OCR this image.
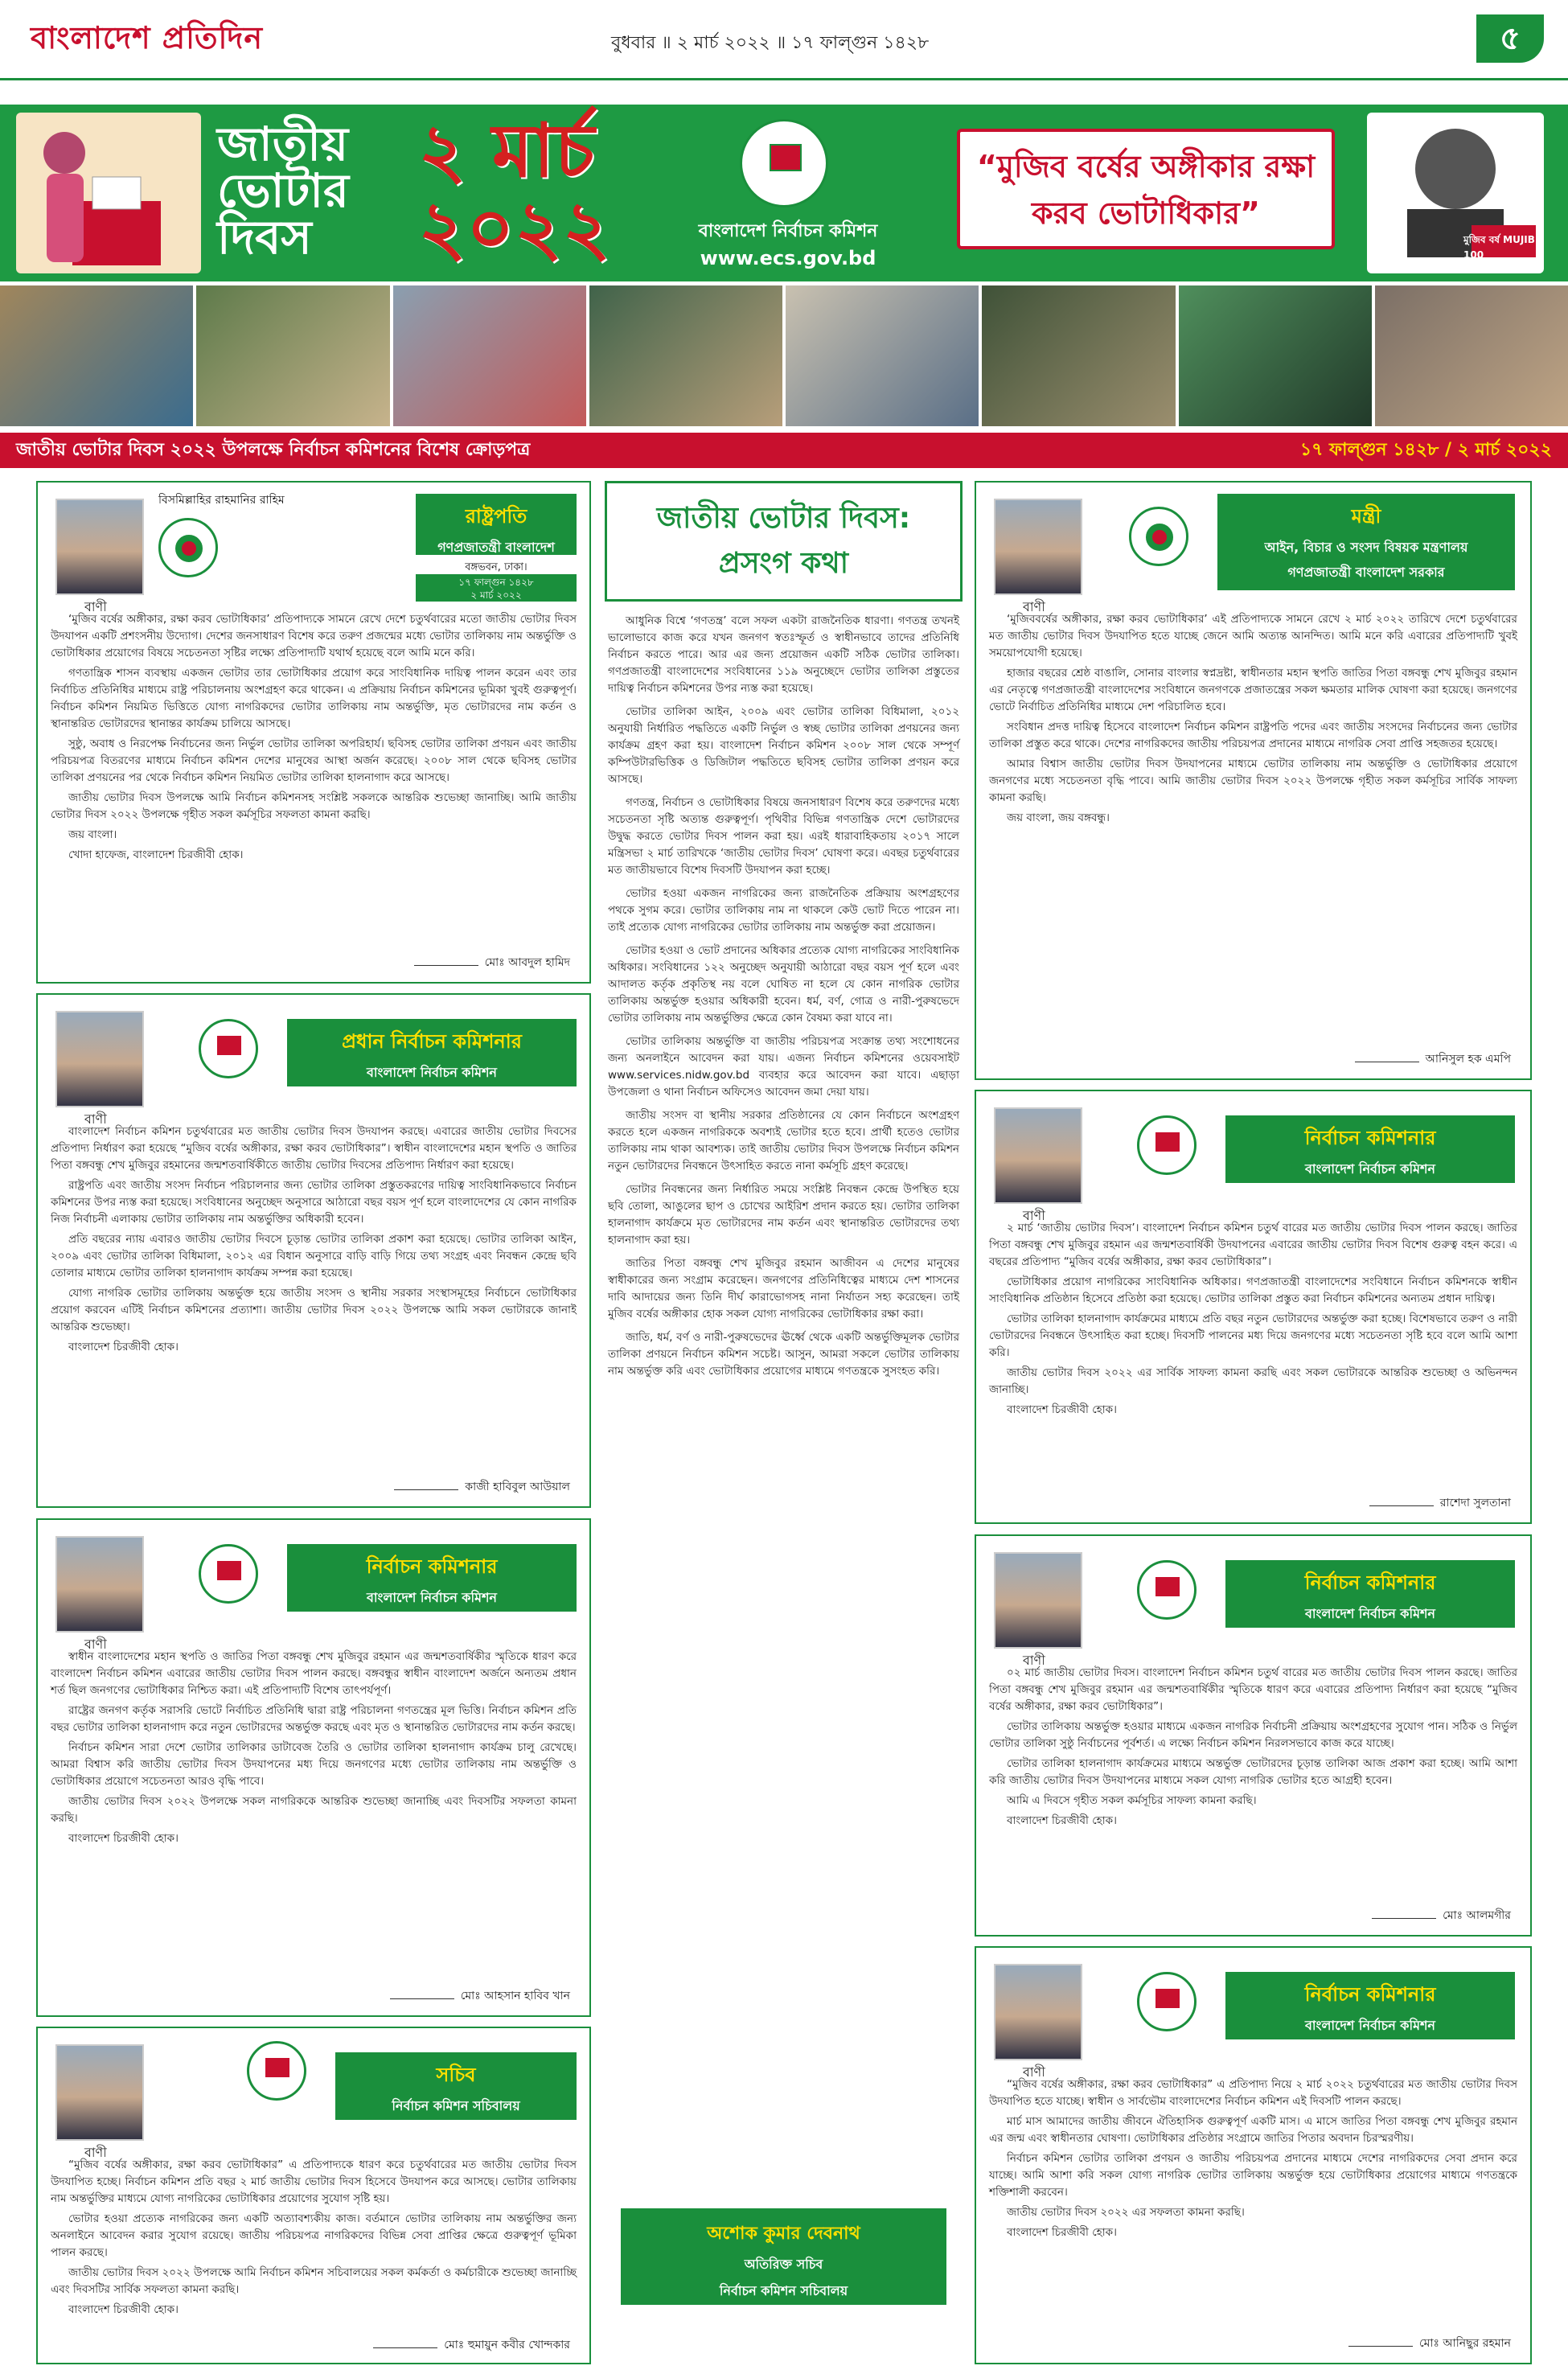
বাংলাদেশ প্রতিদিন	বুধবার ॥ ২ মার্চ ২০২২ ॥ ১৭ ফাল্গুন ১৪২৮	৫
জাতীয়
ভোটার
দিবস
২ মার্চ
২০২২	বাংলাদেশ নির্বাচন কমিশন
www.ecs.gov.bd
“মুজিব বর্ষের অঙ্গীকার রক্ষা করব ভোটাধিকার”
মুজিব বর্ষ MUJIB 100
জাতীয় ভোটার দিবস ২০২২ উপলক্ষে নির্বাচন কমিশনের বিশেষ ক্রোড়পত্র	১৭ ফাল্গুন ১৪২৮ / ২ মার্চ ২০২২
বাণী
বিসমিল্লাহির রাহমানির রাহিম
রাষ্ট্রপতি
গণপ্রজাতন্ত্রী বাংলাদেশ
বঙ্গভবন, ঢাকা।
১৭ ফাল্গুন ১৪২৮
২ মার্চ ২০২২

‘মুজিব বর্ষের অঙ্গীকার, রক্ষা করব ভোটাধিকার’ প্রতিপাদ্যকে সামনে রেখে দেশে চতুর্থবারের মতো জাতীয় ভোটার দিবস উদযাপন একটি প্রশংসনীয় উদ্যোগ। দেশের জনসাধারণ বিশেষ করে তরুণ প্রজন্মের মধ্যে ভোটার তালিকায় নাম অন্তর্ভুক্তি ও ভোটাধিকার প্রয়োগের বিষয়ে সচেতনতা সৃষ্টির লক্ষ্যে প্রতিপাদ্যটি যথার্থ হয়েছে বলে আমি মনে করি।

গণতান্ত্রিক শাসন ব্যবস্থায় একজন ভোটার তার ভোটাধিকার প্রয়োগ করে সাংবিধানিক দায়িত্ব পালন করেন এবং তার নির্বাচিত প্রতিনিধির মাধ্যমে রাষ্ট্র পরিচালনায় অংশগ্রহণ করে থাকেন। এ প্রক্রিয়ায় নির্বাচন কমিশনের ভূমিকা খুবই গুরুত্বপূর্ণ। নির্বাচন কমিশন নিয়মিত ভিত্তিতে যোগ্য নাগরিকদের ভোটার তালিকায় নাম অন্তর্ভুক্তি, মৃত ভোটারদের নাম কর্তন ও স্থানান্তরিত ভোটারদের স্থানান্তর কার্যক্রম চালিয়ে আসছে।

সুষ্ঠু, অবাধ ও নিরপেক্ষ নির্বাচনের জন্য নির্ভুল ভোটার তালিকা অপরিহার্য। ছবিসহ ভোটার তালিকা প্রণয়ন এবং জাতীয় পরিচয়পত্র বিতরণের মাধ্যমে নির্বাচন কমিশন দেশের মানুষের আস্থা অর্জন করেছে। ২০০৮ সাল থেকে ছবিসহ ভোটার তালিকা প্রণয়নের পর থেকে নির্বাচন কমিশন নিয়মিত ভোটার তালিকা হালনাগাদ করে আসছে।

জাতীয় ভোটার দিবস উপলক্ষে আমি নির্বাচন কমিশনসহ সংশ্লিষ্ট সকলকে আন্তরিক শুভেচ্ছা জানাচ্ছি। আমি জাতীয় ভোটার দিবস ২০২২ উপলক্ষে গৃহীত সকল কর্মসূচির সফলতা কামনা করছি।

জয় বাংলা।

খোদা হাফেজ, বাংলাদেশ চিরজীবী হোক।

মোঃ আবদুল হামিদ
বাণী
প্রধান নির্বাচন কমিশনার
বাংলাদেশ নির্বাচন কমিশন

বাংলাদেশ নির্বাচন কমিশন চতুর্থবারের মত জাতীয় ভোটার দিবস উদযাপন করছে। এবারের জাতীয় ভোটার দিবসের প্রতিপাদ্য নির্ধারণ করা হয়েছে “মুজিব বর্ষের অঙ্গীকার, রক্ষা করব ভোটাধিকার”। স্বাধীন বাংলাদেশের মহান স্থপতি ও জাতির পিতা বঙ্গবন্ধু শেখ মুজিবুর রহমানের জন্মশতবার্ষিকীতে জাতীয় ভোটার দিবসের প্রতিপাদ্য নির্ধারণ করা হয়েছে।

রাষ্ট্রপতি এবং জাতীয় সংসদ নির্বাচন পরিচালনার জন্য ভোটার তালিকা প্রস্তুতকরণের দায়িত্ব সাংবিধানিকভাবে নির্বাচন কমিশনের উপর ন্যস্ত করা হয়েছে। সংবিধানের অনুচ্ছেদ অনুসারে আঠারো বছর বয়স পূর্ণ হলে বাংলাদেশের যে কোন নাগরিক নিজ নির্বাচনী এলাকায় ভোটার তালিকায় নাম অন্তর্ভুক্তির অধিকারী হবেন।

প্রতি বছরের ন্যায় এবারও জাতীয় ভোটার দিবসে চূড়ান্ত ভোটার তালিকা প্রকাশ করা হয়েছে। ভোটার তালিকা আইন, ২০০৯ এবং ভোটার তালিকা বিধিমালা, ২০১২ এর বিধান অনুসারে বাড়ি বাড়ি গিয়ে তথ্য সংগ্রহ এবং নিবন্ধন কেন্দ্রে ছবি তোলার মাধ্যমে ভোটার তালিকা হালনাগাদ কার্যক্রম সম্পন্ন করা হয়েছে।

যোগ্য নাগরিক ভোটার তালিকায় অন্তর্ভুক্ত হয়ে জাতীয় সংসদ ও স্থানীয় সরকার সংস্থাসমূহের নির্বাচনে ভোটাধিকার প্রয়োগ করবেন এটিই নির্বাচন কমিশনের প্রত্যাশা। জাতীয় ভোটার দিবস ২০২২ উপলক্ষে আমি সকল ভোটারকে জানাই আন্তরিক শুভেচ্ছা।

বাংলাদেশ চিরজীবী হোক।

কাজী হাবিবুল আউয়াল
বাণী
নির্বাচন কমিশনার
বাংলাদেশ নির্বাচন কমিশন

স্বাধীন বাংলাদেশের মহান স্থপতি ও জাতির পিতা বঙ্গবন্ধু শেখ মুজিবুর রহমান এর জন্মশতবার্ষিকীর স্মৃতিকে ধারণ করে বাংলাদেশ নির্বাচন কমিশন এবারের জাতীয় ভোটার দিবস পালন করছে। বঙ্গবন্ধুর স্বাধীন বাংলাদেশ অর্জনে অন্যতম প্রধান শর্ত ছিল জনগণের ভোটাধিকার নিশ্চিত করা। এই প্রতিপাদ্যটি বিশেষ তাৎপর্যপূর্ণ।

রাষ্ট্রের জনগণ কর্তৃক সরাসরি ভোটে নির্বাচিত প্রতিনিধি দ্বারা রাষ্ট্র পরিচালনা গণতন্ত্রের মূল ভিত্তি। নির্বাচন কমিশন প্রতি বছর ভোটার তালিকা হালনাগাদ করে নতুন ভোটারদের অন্তর্ভুক্ত করছে এবং মৃত ও স্থানান্তরিত ভোটারদের নাম কর্তন করছে।

নির্বাচন কমিশন সারা দেশে ভোটার তালিকার ডাটাবেজ তৈরি ও ভোটার তালিকা হালনাগাদ কার্যক্রম চালু রেখেছে। আমরা বিশ্বাস করি জাতীয় ভোটার দিবস উদযাপনের মধ্য দিয়ে জনগণের মধ্যে ভোটার তালিকায় নাম অন্তর্ভুক্তি ও ভোটাধিকার প্রয়োগে সচেতনতা আরও বৃদ্ধি পাবে।

জাতীয় ভোটার দিবস ২০২২ উপলক্ষে সকল নাগরিককে আন্তরিক শুভেচ্ছা জানাচ্ছি এবং দিবসটির সফলতা কামনা করছি।

বাংলাদেশ চিরজীবী হোক।

মোঃ আহসান হাবিব খান
বাণী
সচিব
নির্বাচন কমিশন সচিবালয়

“মুজিব বর্ষের অঙ্গীকার, রক্ষা করব ভোটাধিকার” এ প্রতিপাদ্যকে ধারণ করে চতুর্থবারের মত জাতীয় ভোটার দিবস উদযাপিত হচ্ছে। নির্বাচন কমিশন প্রতি বছর ২ মার্চ জাতীয় ভোটার দিবস হিসেবে উদযাপন করে আসছে। ভোটার তালিকায় নাম অন্তর্ভুক্তির মাধ্যমে যোগ্য নাগরিকের ভোটাধিকার প্রয়োগের সুযোগ সৃষ্টি হয়।

ভোটার হওয়া প্রত্যেক নাগরিকের জন্য একটি অত্যাবশ্যকীয় কাজ। বর্তমানে ভোটার তালিকায় নাম অন্তর্ভুক্তির জন্য অনলাইনে আবেদন করার সুযোগ রয়েছে। জাতীয় পরিচয়পত্র নাগরিকদের বিভিন্ন সেবা প্রাপ্তির ক্ষেত্রে গুরুত্বপূর্ণ ভূমিকা পালন করছে।

জাতীয় ভোটার দিবস ২০২২ উপলক্ষে আমি নির্বাচন কমিশন সচিবালয়ের সকল কর্মকর্তা ও কর্মচারীকে শুভেচ্ছা জানাচ্ছি এবং দিবসটির সার্বিক সফলতা কামনা করছি।

বাংলাদেশ চিরজীবী হোক।

মোঃ হুমায়ুন কবীর খোন্দকার
জাতীয় ভোটার দিবস:
প্রসংগ কথা

আধুনিক বিশ্বে ‘গণতন্ত্র’ বলে সফল একটা রাজনৈতিক ধারণা। গণতন্ত্র তখনই ভালোভাবে কাজ করে যখন জনগণ স্বতঃস্ফূর্ত ও স্বাধীনভাবে তাদের প্রতিনিধি নির্বাচন করতে পারে। আর এর জন্য প্রয়োজন একটি সঠিক ভোটার তালিকা। গণপ্রজাতন্ত্রী বাংলাদেশের সংবিধানের ১১৯ অনুচ্ছেদে ভোটার তালিকা প্রস্তুতের দায়িত্ব নির্বাচন কমিশনের উপর ন্যস্ত করা হয়েছে।

ভোটার তালিকা আইন, ২০০৯ এবং ভোটার তালিকা বিধিমালা, ২০১২ অনুযায়ী নির্ধারিত পদ্ধতিতে একটি নির্ভুল ও স্বচ্ছ ভোটার তালিকা প্রণয়নের জন্য কার্যক্রম গ্রহণ করা হয়। বাংলাদেশ নির্বাচন কমিশন ২০০৮ সাল থেকে সম্পূর্ণ কম্পিউটারভিত্তিক ও ডিজিটাল পদ্ধতিতে ছবিসহ ভোটার তালিকা প্রণয়ন করে আসছে।

গণতন্ত্র, নির্বাচন ও ভোটাধিকার বিষয়ে জনসাধারণ বিশেষ করে তরুণদের মধ্যে সচেতনতা সৃষ্টি অত্যন্ত গুরুত্বপূর্ণ। পৃথিবীর বিভিন্ন গণতান্ত্রিক দেশে ভোটারদের উদ্বুদ্ধ করতে ভোটার দিবস পালন করা হয়। এরই ধারাবাহিকতায় ২০১৭ সালে মন্ত্রিসভা ২ মার্চ তারিখকে ‘জাতীয় ভোটার দিবস’ ঘোষণা করে। এবছর চতুর্থবারের মত জাতীয়ভাবে বিশেষ দিবসটি উদযাপন করা হচ্ছে।

ভোটার হওয়া একজন নাগরিকের জন্য রাজনৈতিক প্রক্রিয়ায় অংশগ্রহণের পথকে সুগম করে। ভোটার তালিকায় নাম না থাকলে কেউ ভোট দিতে পারেন না। তাই প্রত্যেক যোগ্য নাগরিকের ভোটার তালিকায় নাম অন্তর্ভুক্ত করা প্রয়োজন।

ভোটার হওয়া ও ভোট প্রদানের অধিকার প্রত্যেক যোগ্য নাগরিকের সাংবিধানিক অধিকার। সংবিধানের ১২২ অনুচ্ছেদ অনুযায়ী আঠারো বছর বয়স পূর্ণ হলে এবং আদালত কর্তৃক প্রকৃতিস্থ নয় বলে ঘোষিত না হলে যে কোন নাগরিক ভোটার তালিকায় অন্তর্ভুক্ত হওয়ার অধিকারী হবেন। ধর্ম, বর্ণ, গোত্র ও নারী-পুরুষভেদে ভোটার তালিকায় নাম অন্তর্ভুক্তির ক্ষেত্রে কোন বৈষম্য করা যাবে না।

ভোটার তালিকায় অন্তর্ভুক্তি বা জাতীয় পরিচয়পত্র সংক্রান্ত তথ্য সংশোধনের জন্য অনলাইনে আবেদন করা যায়। এজন্য নির্বাচন কমিশনের ওয়েবসাইট www.services.nidw.gov.bd ব্যবহার করে আবেদন করা যাবে। এছাড়া উপজেলা ও থানা নির্বাচন অফিসেও আবেদন জমা দেয়া যায়।

জাতীয় সংসদ বা স্থানীয় সরকার প্রতিষ্ঠানের যে কোন নির্বাচনে অংশগ্রহণ করতে হলে একজন নাগরিককে অবশ্যই ভোটার হতে হবে। প্রার্থী হতেও ভোটার তালিকায় নাম থাকা আবশ্যক। তাই জাতীয় ভোটার দিবস উপলক্ষে নির্বাচন কমিশন নতুন ভোটারদের নিবন্ধনে উৎসাহিত করতে নানা কর্মসূচি গ্রহণ করেছে।

ভোটার নিবন্ধনের জন্য নির্ধারিত সময়ে সংশ্লিষ্ট নিবন্ধন কেন্দ্রে উপস্থিত হয়ে ছবি তোলা, আঙুলের ছাপ ও চোখের আইরিশ প্রদান করতে হয়। ভোটার তালিকা হালনাগাদ কার্যক্রমে মৃত ভোটারদের নাম কর্তন এবং স্থানান্তরিত ভোটারদের তথ্য হালনাগাদ করা হয়।

জাতির পিতা বঙ্গবন্ধু শেখ মুজিবুর রহমান আজীবন এ দেশের মানুষের স্বাধীকারের জন্য সংগ্রাম করেছেন। জনগণের প্রতিনিধিত্বের মাধ্যমে দেশ শাসনের দাবি আদায়ের জন্য তিনি দীর্ঘ কারাভোগসহ নানা নির্যাতন সহ্য করেছেন। তাই মুজিব বর্ষের অঙ্গীকার হোক সকল যোগ্য নাগরিকের ভোটাধিকার রক্ষা করা।

জাতি, ধর্ম, বর্ণ ও নারী-পুরুষভেদের ঊর্ধ্বে থেকে একটি অন্তর্ভুক্তিমূলক ভোটার তালিকা প্রণয়নে নির্বাচন কমিশন সচেষ্ট। আসুন, আমরা সকলে ভোটার তালিকায় নাম অন্তর্ভুক্ত করি এবং ভোটাধিকার প্রয়োগের মাধ্যমে গণতন্ত্রকে সুসংহত করি।

অশোক কুমার দেবনাথ
অতিরিক্ত সচিব
নির্বাচন কমিশন সচিবালয়
বাণী
মন্ত্রী
আইন, বিচার ও সংসদ বিষয়ক মন্ত্রণালয়
গণপ্রজাতন্ত্রী বাংলাদেশ সরকার

‘মুজিববর্ষের অঙ্গীকার, রক্ষা করব ভোটাধিকার’ এই প্রতিপাদ্যকে সামনে রেখে ২ মার্চ ২০২২ তারিখে দেশে চতুর্থবারের মত জাতীয় ভোটার দিবস উদযাপিত হতে যাচ্ছে জেনে আমি অত্যন্ত আনন্দিত। আমি মনে করি এবারের প্রতিপাদ্যটি খুবই সময়োপযোগী হয়েছে।

হাজার বছরের শ্রেষ্ঠ বাঙালি, সোনার বাংলার স্বপ্নদ্রষ্টা, স্বাধীনতার মহান স্থপতি জাতির পিতা বঙ্গবন্ধু শেখ মুজিবুর রহমান এর নেতৃত্বে গণপ্রজাতন্ত্রী বাংলাদেশের সংবিধানে জনগণকে প্রজাতন্ত্রের সকল ক্ষমতার মালিক ঘোষণা করা হয়েছে। জনগণের ভোটে নির্বাচিত প্রতিনিধির মাধ্যমে দেশ পরিচালিত হবে।

সংবিধান প্রদত্ত দায়িত্ব হিসেবে বাংলাদেশ নির্বাচন কমিশন রাষ্ট্রপতি পদের এবং জাতীয় সংসদের নির্বাচনের জন্য ভোটার তালিকা প্রস্তুত করে থাকে। দেশের নাগরিকদের জাতীয় পরিচয়পত্র প্রদানের মাধ্যমে নাগরিক সেবা প্রাপ্তি সহজতর হয়েছে।

আমার বিশ্বাস জাতীয় ভোটার দিবস উদযাপনের মাধ্যমে ভোটার তালিকায় নাম অন্তর্ভুক্তি ও ভোটাধিকার প্রয়োগে জনগণের মধ্যে সচেতনতা বৃদ্ধি পাবে। আমি জাতীয় ভোটার দিবস ২০২২ উপলক্ষে গৃহীত সকল কর্মসূচির সার্বিক সাফল্য কামনা করছি।

জয় বাংলা, জয় বঙ্গবন্ধু।

আনিসুল হক এমপি
বাণী
নির্বাচন কমিশনার
বাংলাদেশ নির্বাচন কমিশন

২ মার্চ ‘জাতীয় ভোটার দিবস’। বাংলাদেশ নির্বাচন কমিশন চতুর্থ বারের মত জাতীয় ভোটার দিবস পালন করছে। জাতির পিতা বঙ্গবন্ধু শেখ মুজিবুর রহমান এর জন্মশতবার্ষিকী উদযাপনের এবারের জাতীয় ভোটার দিবস বিশেষ গুরুত্ব বহন করে। এ বছরের প্রতিপাদ্য “মুজিব বর্ষের অঙ্গীকার, রক্ষা করব ভোটাধিকার”।

ভোটাধিকার প্রয়োগ নাগরিকের সাংবিধানিক অধিকার। গণপ্রজাতন্ত্রী বাংলাদেশের সংবিধানে নির্বাচন কমিশনকে স্বাধীন সাংবিধানিক প্রতিষ্ঠান হিসেবে প্রতিষ্ঠা করা হয়েছে। ভোটার তালিকা প্রস্তুত করা নির্বাচন কমিশনের অন্যতম প্রধান দায়িত্ব।

ভোটার তালিকা হালনাগাদ কার্যক্রমের মাধ্যমে প্রতি বছর নতুন ভোটারদের অন্তর্ভুক্ত করা হচ্ছে। বিশেষভাবে তরুণ ও নারী ভোটারদের নিবন্ধনে উৎসাহিত করা হচ্ছে। দিবসটি পালনের মধ্য দিয়ে জনগণের মধ্যে সচেতনতা সৃষ্টি হবে বলে আমি আশা করি।

জাতীয় ভোটার দিবস ২০২২ এর সার্বিক সাফল্য কামনা করছি এবং সকল ভোটারকে আন্তরিক শুভেচ্ছা ও অভিনন্দন জানাচ্ছি।

বাংলাদেশ চিরজীবী হোক।

রাশেদা সুলতানা
বাণী
নির্বাচন কমিশনার
বাংলাদেশ নির্বাচন কমিশন

০২ মার্চ জাতীয় ভোটার দিবস। বাংলাদেশ নির্বাচন কমিশন চতুর্থ বারের মত জাতীয় ভোটার দিবস পালন করছে। জাতির পিতা বঙ্গবন্ধু শেখ মুজিবুর রহমান এর জন্মশতবার্ষিকীর স্মৃতিকে ধারণ করে এবারের প্রতিপাদ্য নির্ধারণ করা হয়েছে “মুজিব বর্ষের অঙ্গীকার, রক্ষা করব ভোটাধিকার”।

ভোটার তালিকায় অন্তর্ভুক্ত হওয়ার মাধ্যমে একজন নাগরিক নির্বাচনী প্রক্রিয়ায় অংশগ্রহণের সুযোগ পান। সঠিক ও নির্ভুল ভোটার তালিকা সুষ্ঠু নির্বাচনের পূর্বশর্ত। এ লক্ষ্যে নির্বাচন কমিশন নিরলসভাবে কাজ করে যাচ্ছে।

ভোটার তালিকা হালনাগাদ কার্যক্রমের মাধ্যমে অন্তর্ভুক্ত ভোটারদের চূড়ান্ত তালিকা আজ প্রকাশ করা হচ্ছে। আমি আশা করি জাতীয় ভোটার দিবস উদযাপনের মাধ্যমে সকল যোগ্য নাগরিক ভোটার হতে আগ্রহী হবেন।

আমি এ দিবসে গৃহীত সকল কর্মসূচির সাফল্য কামনা করছি।

বাংলাদেশ চিরজীবী হোক।

মোঃ আলমগীর
বাণী
নির্বাচন কমিশনার
বাংলাদেশ নির্বাচন কমিশন

“মুজিব বর্ষের অঙ্গীকার, রক্ষা করব ভোটাধিকার” এ প্রতিপাদ্য নিয়ে ২ মার্চ ২০২২ চতুর্থবারের মত জাতীয় ভোটার দিবস উদযাপিত হতে যাচ্ছে। স্বাধীন ও সার্বভৌম বাংলাদেশের নির্বাচন কমিশন এই দিবসটি পালন করছে।

মার্চ মাস আমাদের জাতীয় জীবনে ঐতিহাসিক গুরুত্বপূর্ণ একটি মাস। এ মাসে জাতির পিতা বঙ্গবন্ধু শেখ মুজিবুর রহমান এর জন্ম এবং স্বাধীনতার ঘোষণা। ভোটাধিকার প্রতিষ্ঠার সংগ্রামে জাতির পিতার অবদান চিরস্মরণীয়।

নির্বাচন কমিশন ভোটার তালিকা প্রণয়ন ও জাতীয় পরিচয়পত্র প্রদানের মাধ্যমে দেশের নাগরিকদের সেবা প্রদান করে যাচ্ছে। আমি আশা করি সকল যোগ্য নাগরিক ভোটার তালিকায় অন্তর্ভুক্ত হয়ে ভোটাধিকার প্রয়োগের মাধ্যমে গণতন্ত্রকে শক্তিশালী করবেন।

জাতীয় ভোটার দিবস ২০২২ এর সফলতা কামনা করছি।

বাংলাদেশ চিরজীবী হোক।

মোঃ আনিছুর রহমান
